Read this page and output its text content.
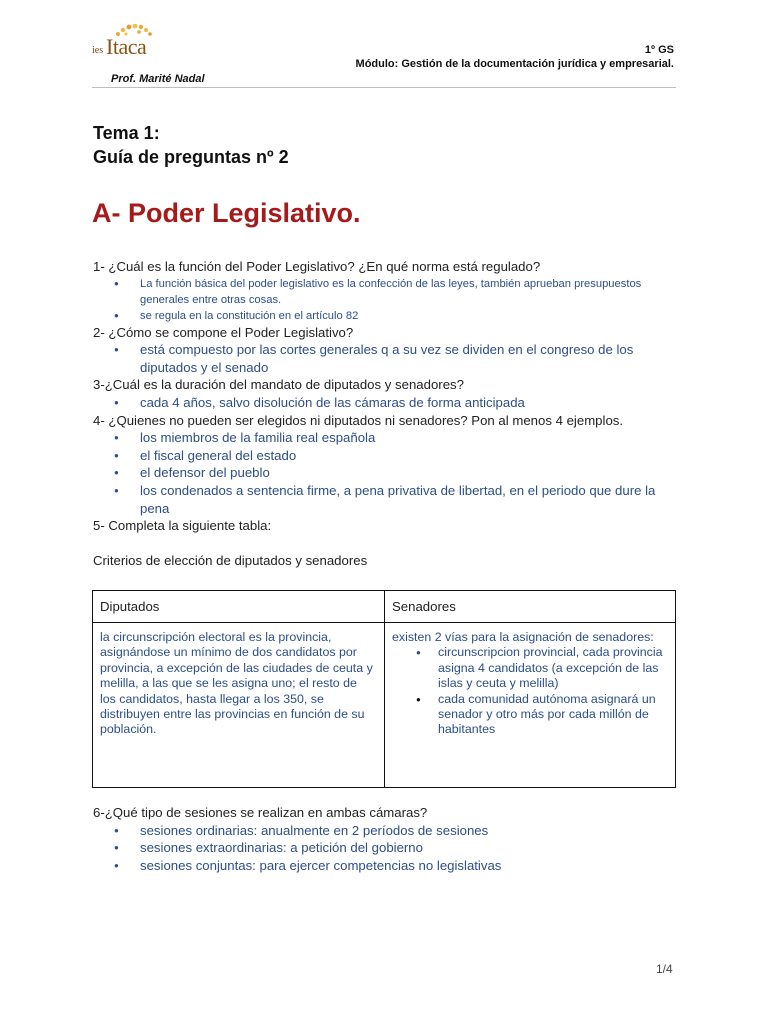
ies Itaca	1º GS
Módulo: Gestión de la documentación jurídica y empresarial.
Prof. Marité Nadal
Tema 1:
Guía de preguntas nº 2
A- Poder Legislativo.
1- ¿Cuál es la función del Poder Legislativo? ¿En qué norma está regulado?
● La función básica del poder legislativo es la confección de las leyes, también aprueban presupuestos generales entre otras cosas.
● se regula en la constitución en el artículo 82
2- ¿Cómo se compone el Poder Legislativo?
● está compuesto por las cortes generales q a su vez se dividen en el congreso de los diputados y el senado
3-¿Cuál es la duración del mandato de diputados y senadores?
● cada 4 años, salvo disolución de las cámaras de forma anticipada
4- ¿Quienes no pueden ser elegidos ni diputados ni senadores? Pon al menos 4 ejemplos.
● los miembros de la familia real española
● el fiscal general del estado
● el defensor del pueblo
● los condenados a sentencia firme, a pena privativa de libertad, en el periodo que dure la pena
5- Completa la siguiente tabla:
Criterios de elección de diputados y senadores
Diputados	Senadores
la circunscripción electoral es la provincia, asignándose un mínimo de dos candidatos por provincia, a excepción de las ciudades de ceuta y melilla, a las que se les asigna uno; el resto de los candidatos, hasta llegar a los 350, se distribuyen entre las provincias en función de su población.
existen 2 vías para la asignación de senadores:
● circunscripcion provincial, cada provincia asigna 4 candidatos (a excepción de las islas y ceuta y melilla)
● cada comunidad autónoma asignará un senador y otro más por cada millón de habitantes
6-¿Qué tipo de sesiones se realizan en ambas cámaras?
● sesiones ordinarias: anualmente en 2 períodos de sesiones
● sesiones extraordinarias: a petición del gobierno
● sesiones conjuntas: para ejercer competencias no legislativas
1/4
